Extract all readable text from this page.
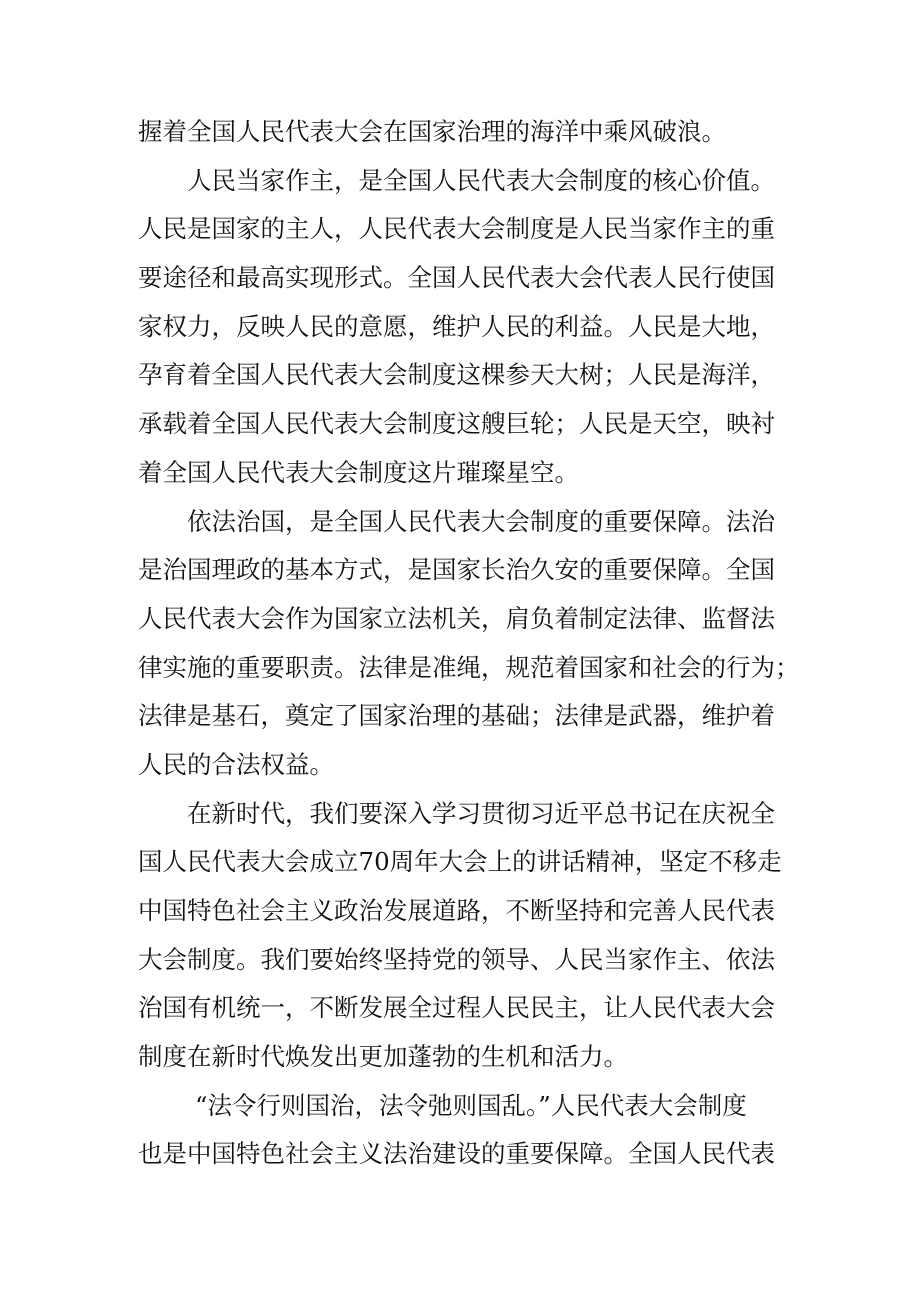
握着全国人民代表大会在国家治理的海洋中乘风破浪。
人民当家作主，是全国人民代表大会制度的核心价值。
人民是国家的主人，人民代表大会制度是人民当家作主的重
要途径和最高实现形式。全国人民代表大会代表人民行使国
家权力，反映人民的意愿，维护人民的利益。人民是大地，
孕育着全国人民代表大会制度这棵参天大树；人民是海洋，
承载着全国人民代表大会制度这艘巨轮；人民是天空，映衬
着全国人民代表大会制度这片璀璨星空。
依法治国，是全国人民代表大会制度的重要保障。法治
是治国理政的基本方式，是国家长治久安的重要保障。全国
人民代表大会作为国家立法机关，肩负着制定法律、监督法
律实施的重要职责。法律是准绳，规范着国家和社会的行为；
法律是基石，奠定了国家治理的基础；法律是武器，维护着
人民的合法权益。
在新时代，我们要深入学习贯彻习近平总书记在庆祝全
国人民代表大会成立70周年大会上的讲话精神，坚定不移走
中国特色社会主义政治发展道路，不断坚持和完善人民代表
大会制度。我们要始终坚持党的领导、人民当家作主、依法
治国有机统一，不断发展全过程人民民主，让人民代表大会
制度在新时代焕发出更加蓬勃的生机和活力。
“法令行则国治，法令弛则国乱。”人民代表大会制度
也是中国特色社会主义法治建设的重要保障。全国人民代表
